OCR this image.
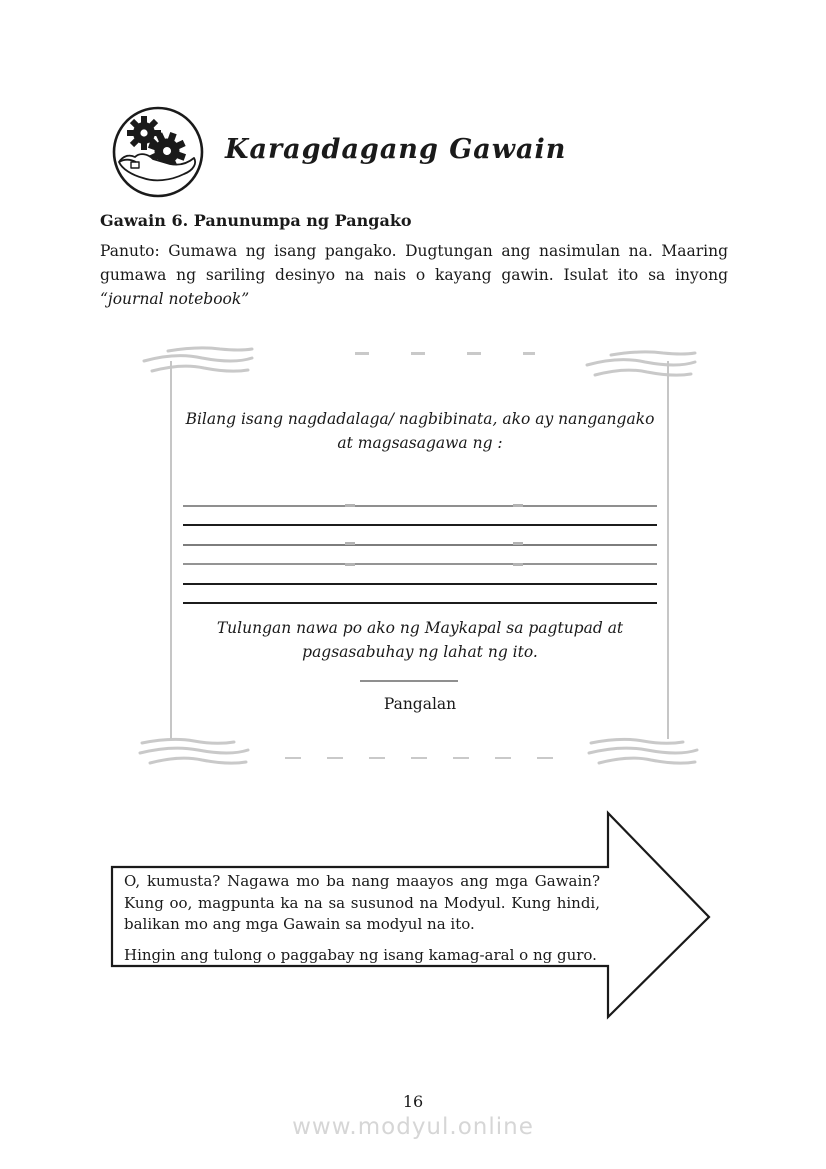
Karagdagang Gawain
Gawain 6. Panunumpa ng Pangako
Panuto: Gumawa ng isang pangako. Dugtungan ang nasimulan na. Maaring gumawa ng sariling desinyo na nais o kayang gawin. Isulat ito sa inyong “journal notebook”
Bilang isang nagdadalaga/ nagbibinata, ako ay nangangako at magsasagawa ng :
Tulungan nawa po ako ng Maykapal sa pagtupad at pagsasabuhay ng lahat ng ito.
Pangalan

O, kumusta? Nagawa mo ba nang maayos ang mga Gawain? Kung oo, magpunta ka na sa susunod na Modyul. Kung hindi, balikan mo ang mga Gawain sa modyul na ito.

Hingin ang tulong o paggabay ng isang kamag-aral o ng guro.

16
www.modyul.online
